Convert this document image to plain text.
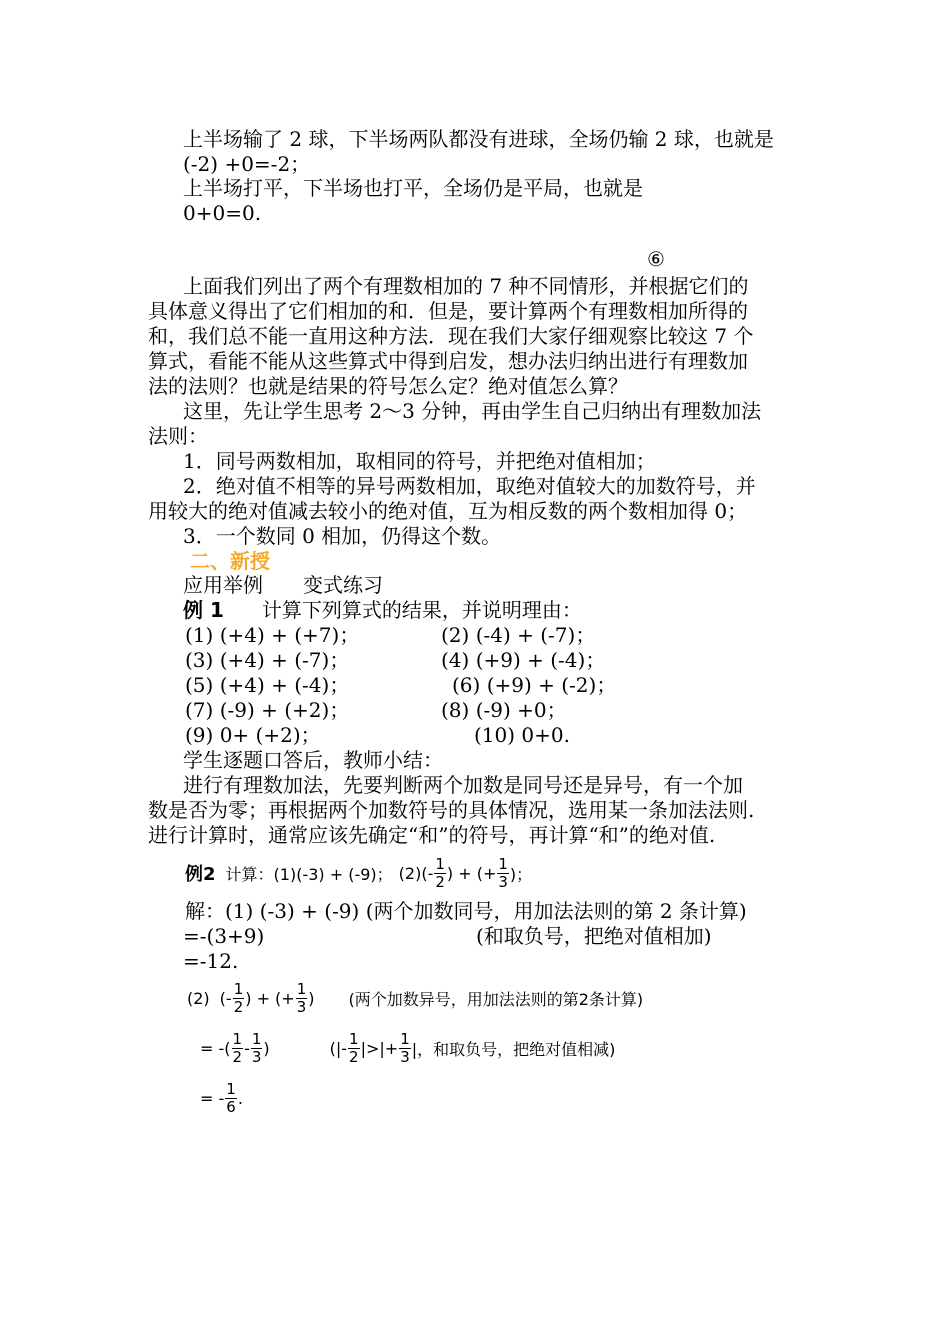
上半场输了 2 球，下半场两队都没有进球，全场仍输 2 球，也就是
(-2) +0=-2；
上半场打平，下半场也打平，全场仍是平局，也就是
0+0=0.
⑥
上面我们列出了两个有理数相加的 7 种不同情形，并根据它们的
具体意义得出了它们相加的和．但是，要计算两个有理数相加所得的
和，我们总不能一直用这种方法．现在我们大家仔细观察比较这 7 个
算式，看能不能从这些算式中得到启发，想办法归纳出进行有理数加
法的法则？也就是结果的符号怎么定？绝对值怎么算？
这里，先让学生思考 2～3 分钟，再由学生自己归纳出有理数加法
法则：
1．同号两数相加，取相同的符号，并把绝对值相加；
2．绝对值不相等的异号两数相加，取绝对值较大的加数符号，并
用较大的绝对值减去较小的绝对值，互为相反数的两个数相加得 0；
3．一个数同 0 相加，仍得这个数。
二、新授
应用举例　　变式练习
例 1 计算下列算式的结果，并说明理由：
(1) (+4) + (+7)；	(2) (-4) + (-7)；
(3) (+4) + (-7)；	(4) (+9) + (-4)；
(5) (+4) + (-4)；	(6) (+9) + (-2)；
(7) (-9) + (+2)；	(8) (-9) +0；
(9) 0+ (+2)；	(10) 0+0.
学生逐题口答后，教师小结：
进行有理数加法，先要判断两个加数是同号还是异号，有一个加
数是否为零；再根据两个加数符号的具体情况，选用某一条加法法则.
进行计算时，通常应该先确定“和”的符号，再计算“和”的绝对值.
例2 计算： (1)(-3) + (-9)； $(2)(- \frac{1}{2}$ ) + (+ $\frac{1}{3}$ )；
解：(1) (-3) + (-9) (两个加数同号，用加法法则的第 2 条计算)
=-(3+9)	(和取负号，把绝对值相加)
=-12.
(2) (- $\frac{1}{2}$ ) + (+ $\frac{1}{3}$ ) (两个加数异号，用加法法则的第2条计算)
= -( $\frac{1}{2} - \frac{1}{3}$ )	(|- $\frac{1}{2}$ |>|+ $\frac{1}{3}$ |，和取负号，把绝对值相减)
= - $\frac{1}{6}$ .
